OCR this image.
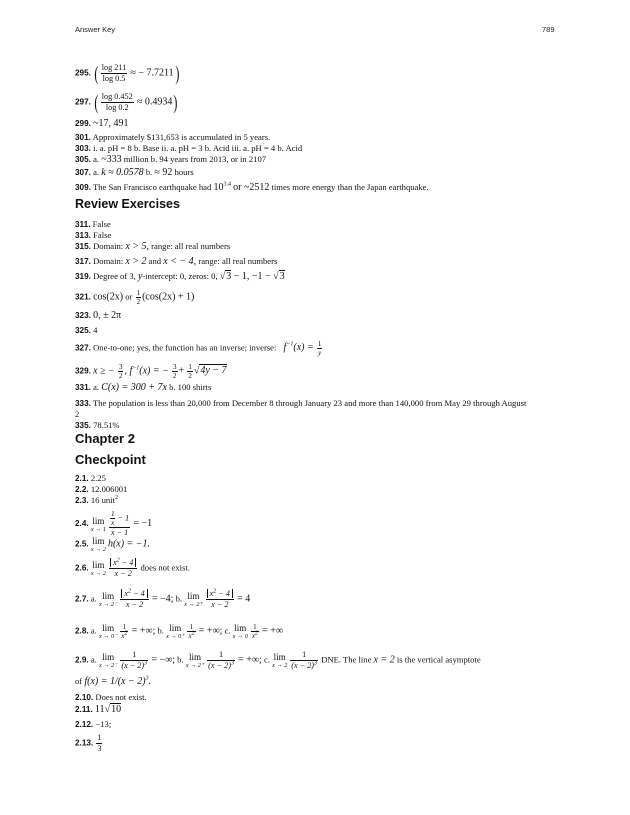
Answer Key	789
295. ( $\frac{\log 211}{\log 0.5}$ ≈ − 7.7211)
297. ( $\frac{\log 0.452}{\log 0.2} \approx 0.4934$)
299. ~17, 491
301. Approximately $131,653 is accumulated in 5 years.
303. i. a. pH = 8 b. Base ii. a. pH = 3 b. Acid iii. a. pH = 4 b. Acid
305. a. ~333 million b. 94 years from 2013, or in 2107
307. a. k ≈ 0.0578 b. ≈ 92 hours
309. The San Francisco earthquake had $10^{3.4}$ or ~2512 times more energy than the Japan earthquake.
Review Exercises
311. False
313. False
315. Domain: x > 5, range: all real numbers
317. Domain: x > 2 and x < − 4, range: all real numbers
319. Degree of 3, y-intercept: 0, zeros: 0, √3 − 1, −1 − √3
321. cos(2x) or $\frac{1}{2} (\cos(2x) + 1)$
323. 0, ± 2π
325. 4
327. One-to-one; yes, the function has an inverse; inverse: $f^{-1}(x) = \frac{1}{y}$
329. x ≥ − $\frac{3}{2}$ , $f^{-1}(x)$ = − $\frac{3}{2} + \frac{1}{2} √4y - 7$
331. a. C(x) = 300 + 7x b. 100 shirts
333. The population is less than 20,000 from December 8 through January 23 and more than 140,000 from May 29 through August
2
335. 78.51%
Chapter 2
Checkpoint
2.1. 2.25
2.2. 12.006001
2.3. 16 unit$^2$
2.4. lim
$x \to 1 \frac{\frac{1}{x} - 1}{x - 1} = -1$
2.5. lim
x → 2
h(x) = −1.
2.6. lim
$x \to 2 \frac{x^2 - 4}{x - 2}$ does not exist.
2.7. a. lim
$x \to 2^- \frac{x^2 - 4}{x - 2} = -4$; b. lim
$x \to 2^+ \frac{x^2 - 4}{x - 2} = 4$
2.8. a. lim
$x \to 0^- \frac{1}{x^2}$ = +∞; b. lim
$x \to 0^+ \frac{1}{x^2}$ = +∞; c. lim
$x \to 0 \frac{1}{x^2}$ = +∞
2.9. a. lim
$x \to 2^- \frac{1}{(x - 2)^3}$ = −∞; b. lim
$x \to 2^+ \frac{1}{(x - 2)^3}$ = +∞; c. lim
$x \to 2 \frac{1}{(x - 2)^3}$ DNE. The line x = 2 is the vertical asymptote
of $f(x) = 1/(x - 2)^3$.
2.10. Does not exist.
2.11. 11√10
2.12. −13;
2.13. $\frac{1}{3}$
